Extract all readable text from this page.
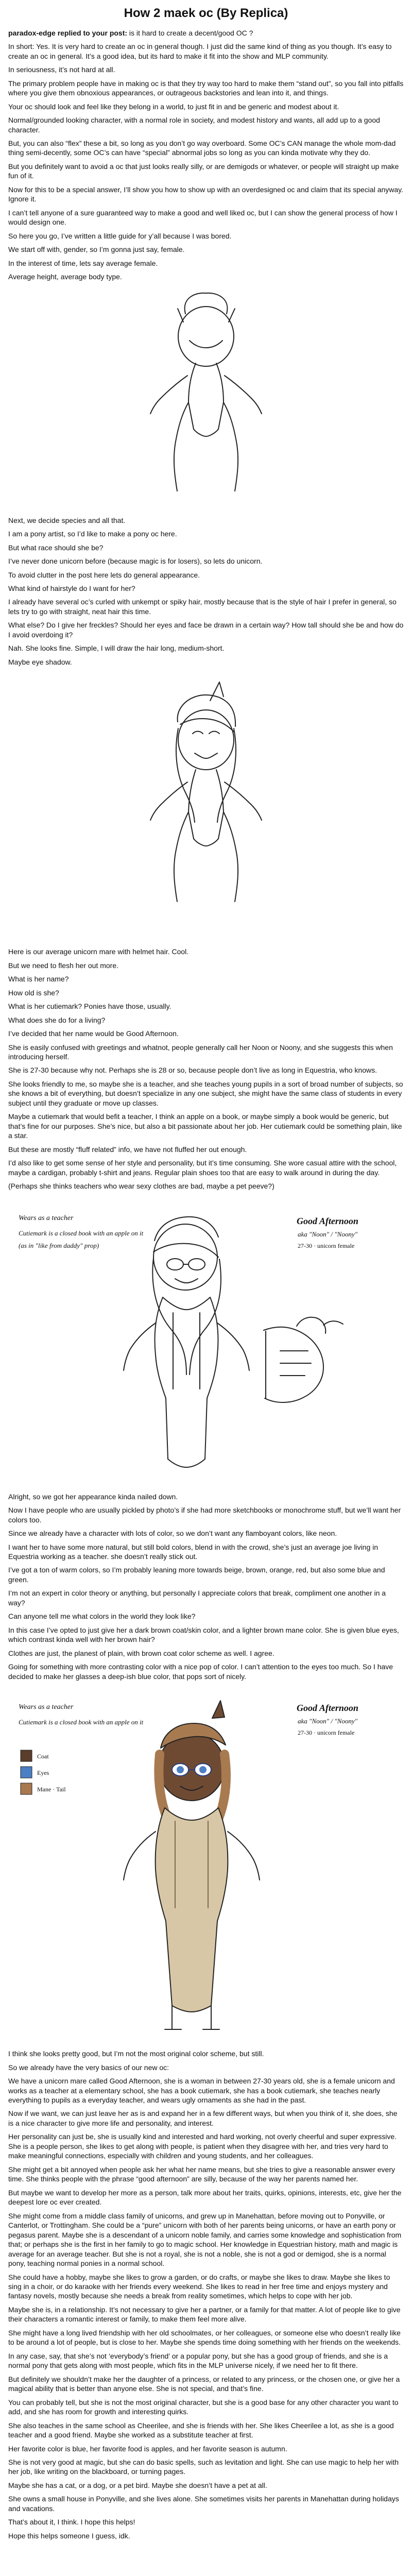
How 2 maek oc (By Replica)
paradox-edge replied to your post: is it hard to create a decent/good OC ?
In short: Yes. It is very hard to create an oc in general though. I just did the same kind of thing as you though. It’s easy to create an oc in general. It’s a good idea, but its hard to make it fit into the show and MLP community.
In seriousness, it’s not hard at all.
The primary problem people have in making oc is that they try way too hard to make them “stand out”, so you fall into pitfalls where you give them obnoxious appearances, or outrageous backstories and lean into it, and things.
Your oc should look and feel like they belong in a world, to just fit in and be generic and modest about it.
Normal/grounded looking character, with a normal role in society, and modest history and wants, all add up to a good character.
But, you can also “flex” these a bit, so long as you don’t go way overboard. Some OC’s CAN manage the whole mom-dad thing semi-decently, some OC’s can have “special” abnormal jobs so long as you can kinda motivate why they do.
But you definitely want to avoid a oc that just looks really silly, or are demigods or whatever, or people will straight up make fun of it.
Now for this to be a special answer, I’ll show you how to show up with an overdesigned oc and claim that its special anyway. Ignore it.
I can’t tell anyone of a sure guaranteed way to make a good and well liked oc, but I can show the general process of how I would design one.
So here you go, I’ve written a little guide for y’all because I was bored.
We start off with, gender, so I’m gonna just say, female.
In the interest of time, lets say average female.
Average height, average body type.
Next, we decide species and all that.
I am a pony artist, so I’d like to make a pony oc here.
But what race should she be?
I’ve never done unicorn before (because magic is for losers), so lets do unicorn.
To avoid clutter in the post here lets do general appearance.
What kind of hairstyle do I want for her?
I already have several oc’s curled with unkempt or spiky hair, mostly because that is the style of hair I prefer in general, so lets try to go with straight, neat hair this time.
What else? Do I give her freckles? Should her eyes and face be drawn in a certain way? How tall should she be and how do I avoid overdoing it?
Nah. She looks fine. Simple, I will draw the hair long, medium-short.
Maybe eye shadow.
Here is our average unicorn mare with helmet hair. Cool.
But we need to flesh her out more.
What is her name?
How old is she?
What is her cutiemark? Ponies have those, usually.
What does she do for a living?
I’ve decided that her name would be Good Afternoon.
She is easily confused with greetings and whatnot, people generally call her Noon or Noony, and she suggests this when introducing herself.
She is 27-30 because why not. Perhaps she is 28 or so, because people don’t live as long in Equestria, who knows.
She looks friendly to me, so maybe she is a teacher, and she teaches young pupils in a sort of broad number of subjects, so she knows a bit of everything, but doesn’t specialize in any one subject, she might have the same class of students in every subject until they graduate or move up classes.
Maybe a cutiemark that would befit a teacher, I think an apple on a book, or maybe simply a book would be generic, but that’s fine for our purposes. She’s nice, but also a bit passionate about her job. Her cutiemark could be something plain, like a star.
But these are mostly “fluff related” info, we have not fluffed her out enough.
I’d also like to get some sense of her style and personality, but it’s time consuming. She wore casual attire with the school, maybe a cardigan, probably t-shirt and jeans. Regular plain shoes too that are easy to walk around in during the day.
(Perhaps she thinks teachers who wear sexy clothes are bad, maybe a pet peeve?)
Wears as a teacher
Cutiemark is a closed book with an apple on it
(as in "like from daddy" prop)
Good Afternoon
aka "Noon" / "Noony"
27-30 · unicorn female
Alright, so we got her appearance kinda nailed down.
Now I have people who are usually pickled by photo’s if she had more sketchbooks or monochrome stuff, but we’ll want her colors too.
Since we already have a character with lots of color, so we don’t want any flamboyant colors, like neon.
I want her to have some more natural, but still bold colors, blend in with the crowd, she’s just an average joe living in Equestria working as a teacher. she doesn’t really stick out.
I’ve got a ton of warm colors, so I’m probably leaning more towards beige, brown, orange, red, but also some blue and green.
I’m not an expert in color theory or anything, but personally I appreciate colors that break, compliment one another in a way?
Can anyone tell me what colors in the world they look like?
In this case I’ve opted to just give her a dark brown coat/skin color, and a lighter brown mane color. She is given blue eyes, which contrast kinda well with her brown hair?
Clothes are just, the planest of plain, with brown coat color scheme as well. I agree.
Going for something with more contrasting color with a nice pop of color. I can’t attention to the eyes too much. So I have decided to make her glasses a deep-ish blue color, that pops sort of nicely.
Wears as a teacher
Cutiemark is a closed book with an apple on it
Good Afternoon
aka "Noon" / "Noony"
27-30 · unicorn female
Coat
Eyes
Mane · Tail
I think she looks pretty good, but I’m not the most original color scheme, but still.
So we already have the very basics of our new oc:
We have a unicorn mare called Good Afternoon, she is a woman in between 27-30 years old, she is a female unicorn and works as a teacher at a elementary school, she has a book cutiemark, she has a book cutiemark, she teaches nearly everything to pupils as a everyday teacher, and wears ugly ornaments as she had in the past.
Now if we want, we can just leave her as is and expand her in a few different ways, but when you think of it, she does, she is a nice character to give more life and personality, and interest.
Her personality can just be, she is usually kind and interested and hard working, not overly cheerful and super expressive. She is a people person, she likes to get along with people, is patient when they disagree with her, and tries very hard to make meaningful connections, especially with children and young students, and her colleagues.
She might get a bit annoyed when people ask her what her name means, but she tries to give a reasonable answer every time. She thinks people with the phrase “good afternoon” are silly, because of the way her parents named her.
But maybe we want to develop her more as a person, talk more about her traits, quirks, opinions, interests, etc, give her the deepest lore oc ever created.
She might come from a middle class family of unicorns, and grew up in Manehattan, before moving out to Ponyville, or Canterlot, or Trottingham. She could be a “pure” unicorn with both of her parents being unicorns, or have an earth pony or pegasus parent. Maybe she is a descendant of a unicorn noble family, and carries some knowledge and sophistication from that; or perhaps she is the first in her family to go to magic school. Her knowledge in Equestrian history, math and magic is average for an average teacher. But she is not a royal, she is not a noble, she is not a god or demigod, she is a normal pony, teaching normal ponies in a normal school.
She could have a hobby, maybe she likes to grow a garden, or do crafts, or maybe she likes to draw. Maybe she likes to sing in a choir, or do karaoke with her friends every weekend. She likes to read in her free time and enjoys mystery and fantasy novels, mostly because she needs a break from reality sometimes, which helps to cope with her job.
Maybe she is, in a relationship. It’s not necessary to give her a partner, or a family for that matter. A lot of people like to give their characters a romantic interest or family, to make them feel more alive.
She might have a long lived friendship with her old schoolmates, or her colleagues, or someone else who doesn’t really like to be around a lot of people, but is close to her. Maybe she spends time doing something with her friends on the weekends.
In any case, say, that she’s not ‘everybody’s friend’ or a popular pony, but she has a good group of friends, and she is a normal pony that gets along with most people, which fits in the MLP universe nicely, if we need her to fit there.
But definitely we shouldn’t make her the daughter of a princess, or related to any princess, or the chosen one, or give her a magical ability that is better than anyone else. She is not special, and that’s fine.
You can probably tell, but she is not the most original character, but she is a good base for any other character you want to add, and she has room for growth and interesting quirks.
She also teaches in the same school as Cheerilee, and she is friends with her. She likes Cheerilee a lot, as she is a good teacher and a good friend. Maybe she worked as a substitute teacher at first.
Her favorite color is blue, her favorite food is apples, and her favorite season is autumn.
She is not very good at magic, but she can do basic spells, such as levitation and light. She can use magic to help her with her job, like writing on the blackboard, or turning pages.
Maybe she has a cat, or a dog, or a pet bird. Maybe she doesn’t have a pet at all.
She owns a small house in Ponyville, and she lives alone. She sometimes visits her parents in Manehattan during holidays and vacations.
That’s about it, I think. I hope this helps!
Hope this helps someone I guess, idk.
